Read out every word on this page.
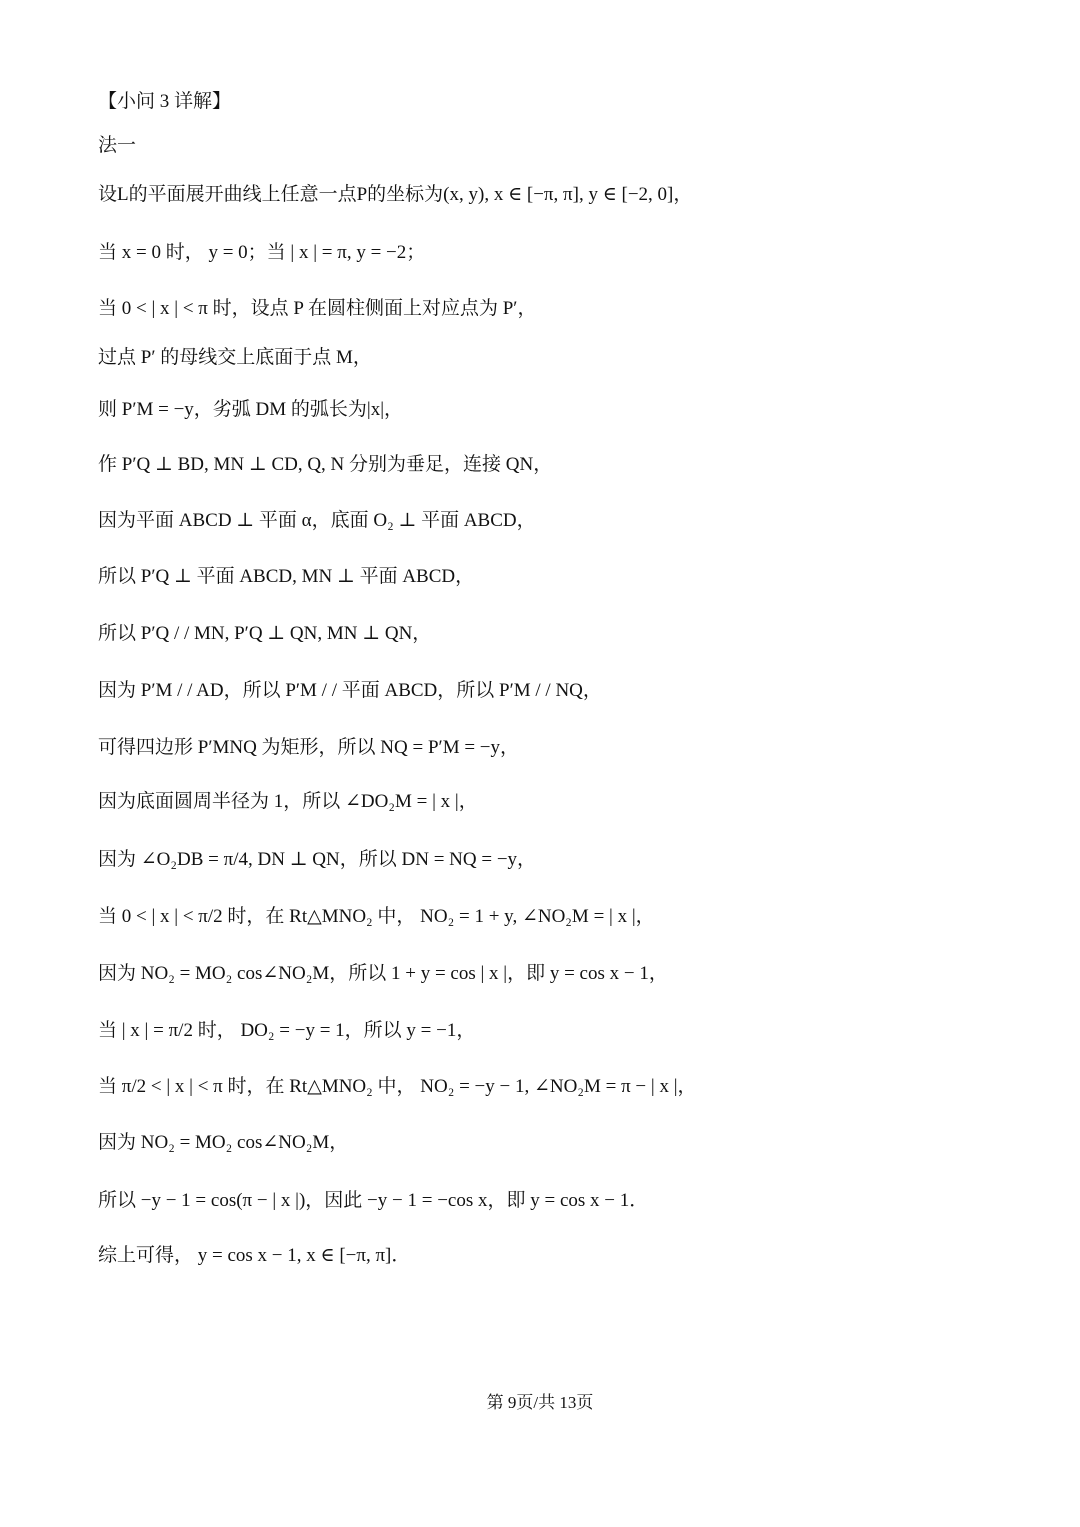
【小问 3 详解】
法一
设L的平面展开曲线上任意一点P的坐标为(x, y), x ∈ [−π, π], y ∈ [−2, 0]，
当 x = 0 时， y = 0；当 | x | = π, y = −2；
当 0 < | x | < π 时，设点 P 在圆柱侧面上对应点为 P′，
过点 P′ 的母线交上底面于点 M，
则 P′M = −y，劣弧 DM 的弧长为|x|，
作 P′Q ⊥ BD, MN ⊥ CD, Q, N 分别为垂足，连接 QN，
因为平面 ABCD ⊥ 平面 α，底面 O₂ ⊥ 平面 ABCD，
所以 P′Q ⊥ 平面 ABCD, MN ⊥ 平面 ABCD，
所以 P′Q / / MN, P′Q ⊥ QN, MN ⊥ QN，
因为 P′M / / AD，所以 P′M / / 平面 ABCD，所以 P′M / / NQ，
可得四边形 P′MNQ 为矩形，所以 NQ = P′M = −y，
因为底面圆周半径为 1，所以 ∠DO₂M = | x |，
因为 ∠O₂DB = π/4, DN ⊥ QN，所以 DN = NQ = −y，
当 0 < | x | < π/2 时，在 Rt△MNO₂ 中， NO₂ = 1 + y, ∠NO₂M = | x |，
因为 NO₂ = MO₂ cos∠NO₂M，所以 1 + y = cos | x |，即 y = cos x − 1，
当 | x | = π/2 时， DO₂ = −y = 1，所以 y = −1，
当 π/2 < | x | < π 时，在 Rt△MNO₂ 中， NO₂ = −y − 1, ∠NO₂M = π − | x |，
因为 NO₂ = MO₂ cos∠NO₂M，
所以 −y − 1 = cos(π − | x |)，因此 −y − 1 = −cos x，即 y = cos x − 1．
综上可得， y = cos x − 1, x ∈ [−π, π]．
第 9页/共 13页
